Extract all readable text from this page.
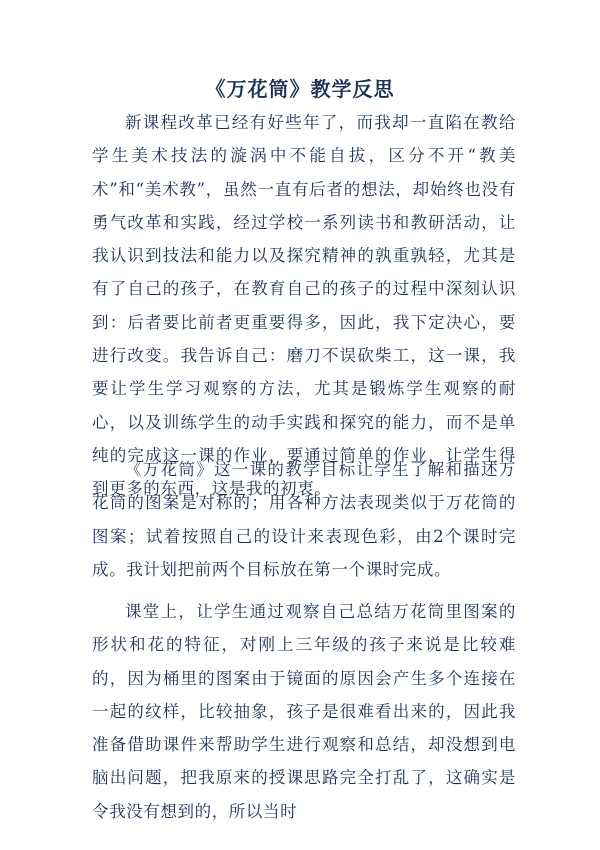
《万花筒》教学反思

新课程改革已经有好些年了，而我却一直陷在教给学生美术技法的漩涡中不能自拔，区分不开“教美术”和“美术教”，虽然一直有后者的想法，却始终也没有勇气改革和实践，经过学校一系列读书和教研活动，让我认识到技法和能力以及探究精神的孰重孰轻，尤其是有了自己的孩子，在教育自己的孩子的过程中深刻认识到：后者要比前者更重要得多，因此，我下定决心，要进行改变。我告诉自己：磨刀不误砍柴工，这一课，我要让学生学习观察的方法，尤其是锻炼学生观察的耐心，以及训练学生的动手实践和探究的能力，而不是单纯的完成这一课的作业，要通过简单的作业，让学生得到更多的东西，这是我的初衷。

《万花筒》这一课的教学目标让学生了解和描述万花筒的图案是对称的；用各种方法表现类似于万花筒的图案；试着按照自己的设计来表现色彩，由2个课时完成。我计划把前两个目标放在第一个课时完成。

课堂上，让学生通过观察自己总结万花筒里图案的形状和花的特征，对刚上三年级的孩子来说是比较难的，因为桶里的图案由于镜面的原因会产生多个连接在一起的纹样，比较抽象，孩子是很难看出来的，因此我准备借助课件来帮助学生进行观察和总结，却没想到电脑出问题，把我原来的授课思路完全打乱了，这确实是令我没有想到的，所以当时
